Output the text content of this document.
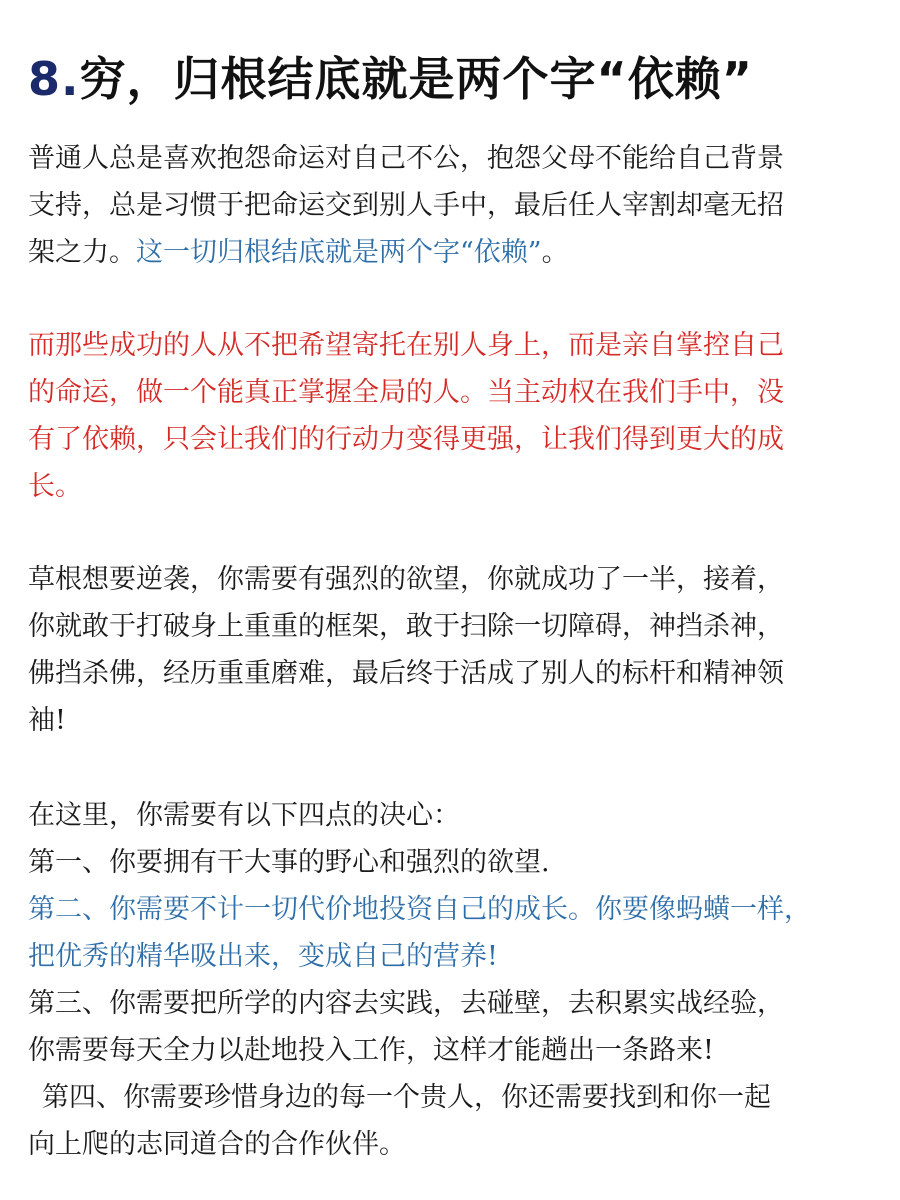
8.穷，归根结底就是两个字“依赖”
普通人总是喜欢抱怨命运对自己不公，抱怨父母不能给自己背景
支持，总是习惯于把命运交到别人手中，最后任人宰割却毫无招
架之力。这一切归根结底就是两个字“依赖”。
而那些成功的人从不把希望寄托在别人身上，而是亲自掌控自己
的命运，做一个能真正掌握全局的人。当主动权在我们手中，没
有了依赖，只会让我们的行动力变得更强，让我们得到更大的成
长。
草根想要逆袭，你需要有强烈的欲望，你就成功了一半，接着，
你就敢于打破身上重重的框架，敢于扫除一切障碍，神挡杀神，
佛挡杀佛，经历重重磨难，最后终于活成了别人的标杆和精神领
袖!
在这里，你需要有以下四点的决心：
第一、你要拥有干大事的野心和强烈的欲望.
第二、你需要不计一切代价地投资自己的成长。你要像蚂蟥一样，
把优秀的精华吸出来，变成自己的营养!
第三、你需要把所学的内容去实践，去碰壁，去积累实战经验，
你需要每天全力以赴地投入工作，这样才能趟出一条路来!
第四、你需要珍惜身边的每一个贵人，你还需要找到和你一起
向上爬的志同道合的合作伙伴。
